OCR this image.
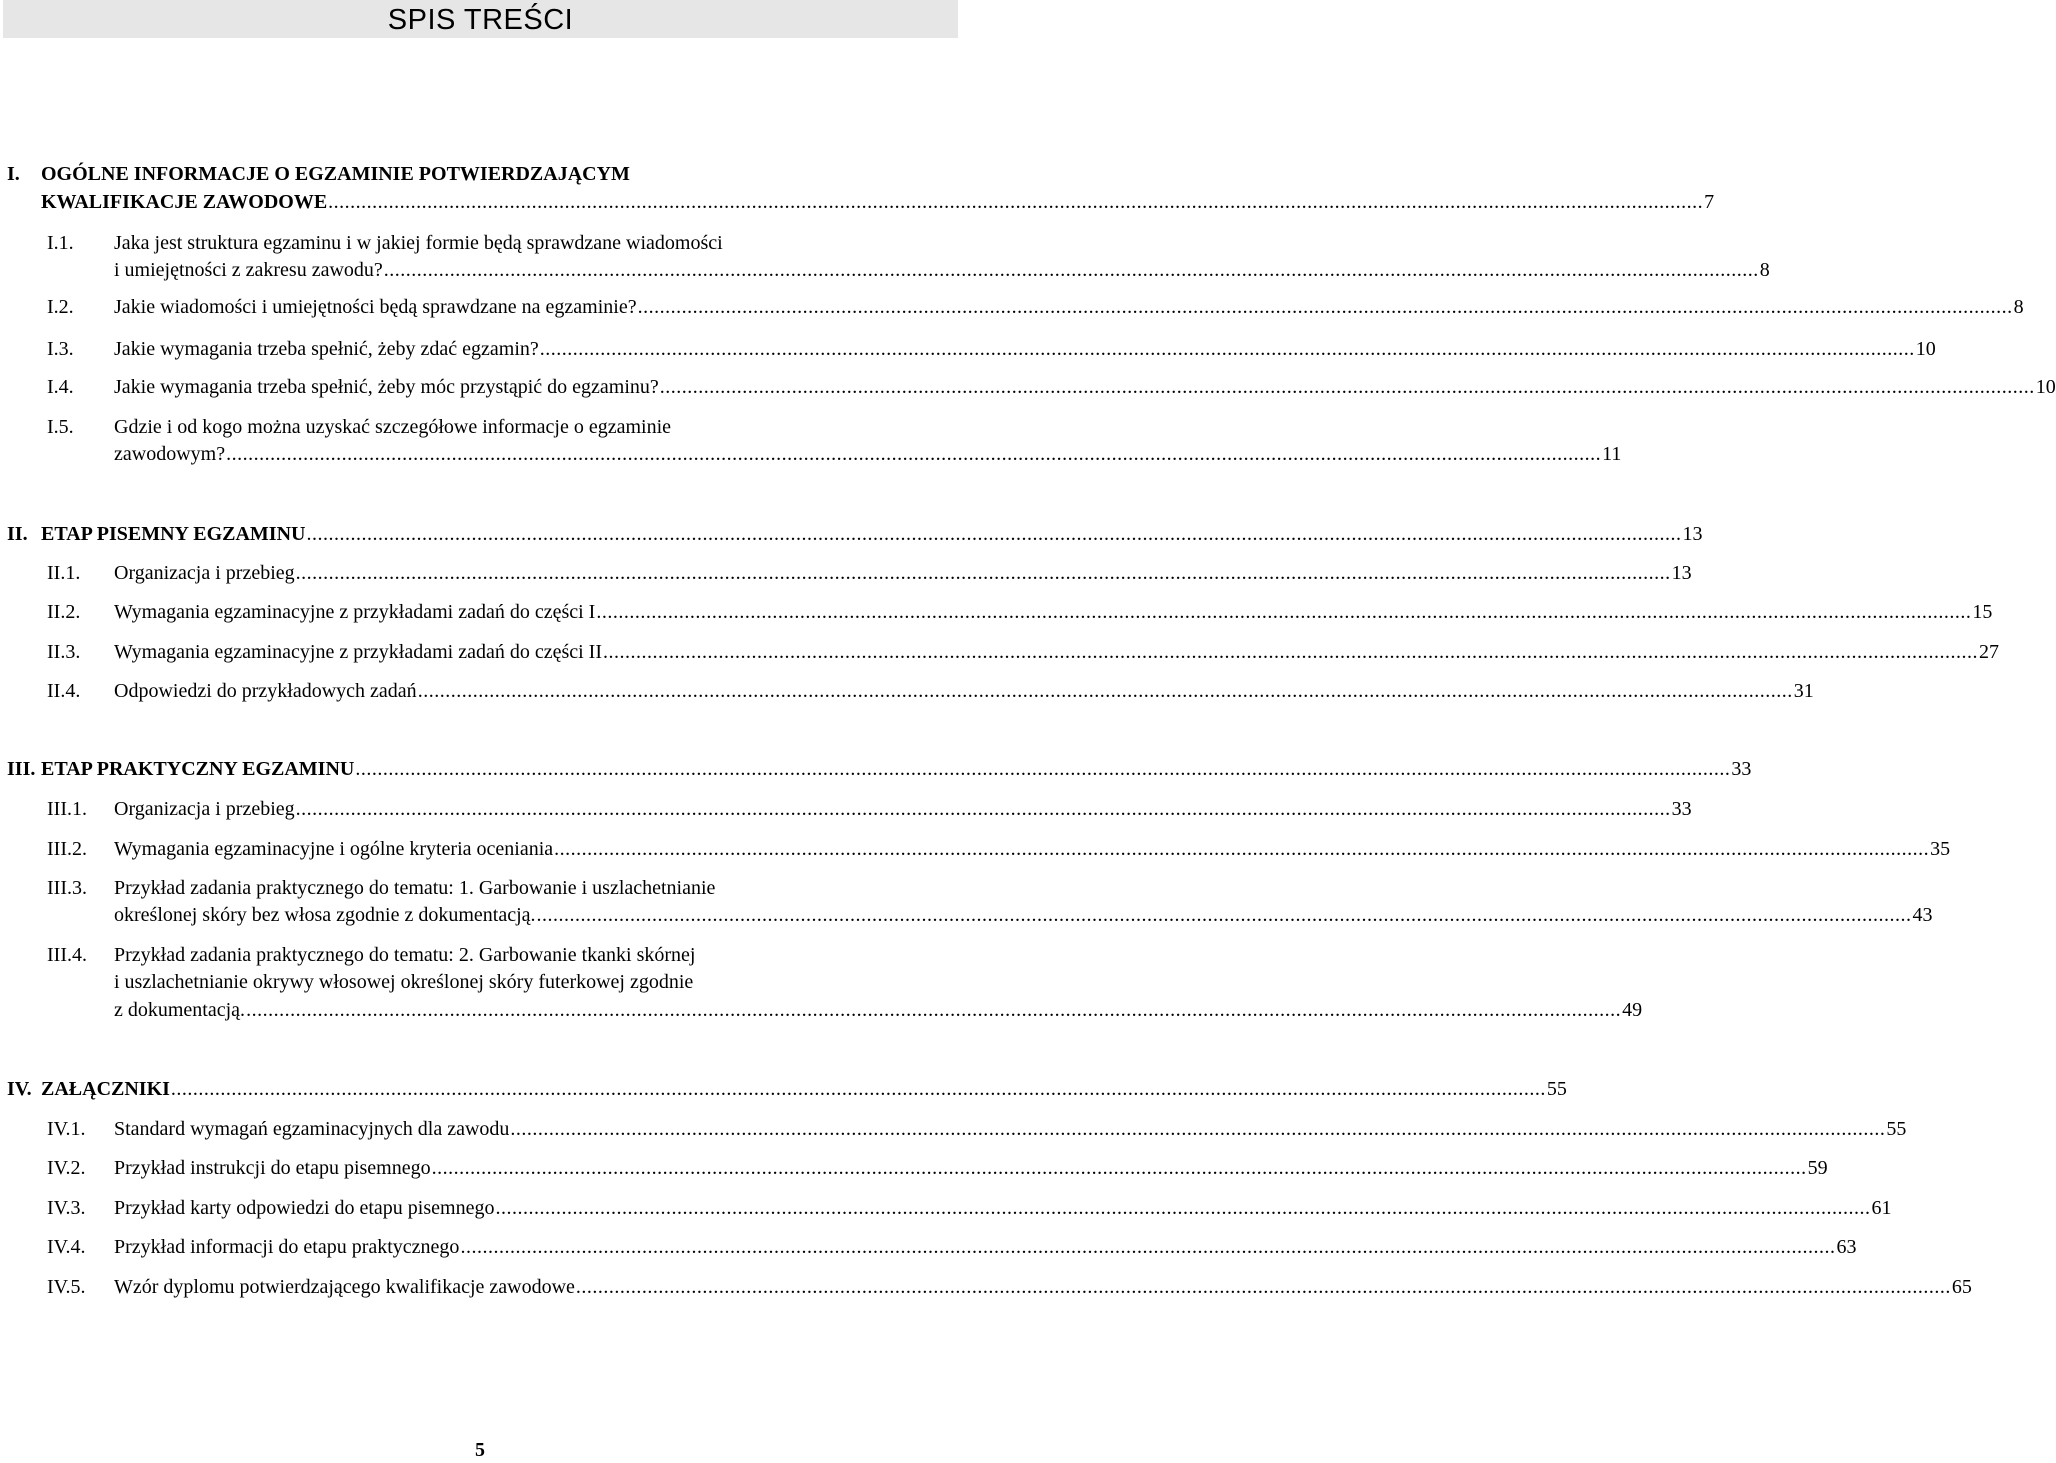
SPIS TREŚCI
I. OGÓLNE INFORMACJE O EGZAMINIE POTWIERDZAJĄCYM
KWALIFIKACJE ZAWODOWE .......................................................................................................................................................................................................................................................... 7
I.1. Jaka jest struktura egzaminu i w jakiej formie będą sprawdzane wiadomości
i umiejętności z zakresu zawodu? .......................................................................................................................................................................................................................................................... 8
I.2. Jakie wiadomości i umiejętności będą sprawdzane na egzaminie? .......................................................................................................................................................................................................................................................... 8
I.3. Jakie wymagania trzeba spełnić, żeby zdać egzamin? .......................................................................................................................................................................................................................................................... 10
I.4. Jakie wymagania trzeba spełnić, żeby móc przystąpić do egzaminu? .......................................................................................................................................................................................................................................................... 10
I.5. Gdzie i od kogo można uzyskać szczegółowe informacje o egzaminie
zawodowym? .......................................................................................................................................................................................................................................................... 11
II. ETAP PISEMNY EGZAMINU .......................................................................................................................................................................................................................................................... 13
II.1. Organizacja i przebieg .......................................................................................................................................................................................................................................................... 13
II.2. Wymagania egzaminacyjne z przykładami zadań do części I .......................................................................................................................................................................................................................................................... 15
II.3. Wymagania egzaminacyjne z przykładami zadań do części II .......................................................................................................................................................................................................................................................... 27
II.4. Odpowiedzi do przykładowych zadań .......................................................................................................................................................................................................................................................... 31
III. ETAP PRAKTYCZNY EGZAMINU .......................................................................................................................................................................................................................................................... 33
III.1. Organizacja i przebieg .......................................................................................................................................................................................................................................................... 33
III.2. Wymagania egzaminacyjne i ogólne kryteria oceniania .......................................................................................................................................................................................................................................................... 35
III.3. Przykład zadania praktycznego do tematu: 1. Garbowanie i uszlachetnianie
określonej skóry bez włosa zgodnie z dokumentacją. .......................................................................................................................................................................................................................................................... 43
III.4. Przykład zadania praktycznego do tematu: 2. Garbowanie tkanki skórnej
i uszlachetnianie okrywy włosowej określonej skóry futerkowej zgodnie
z dokumentacją. .......................................................................................................................................................................................................................................................... 49
IV. ZAŁĄCZNIKI .......................................................................................................................................................................................................................................................... 55
IV.1. Standard wymagań egzaminacyjnych dla zawodu .......................................................................................................................................................................................................................................................... 55
IV.2. Przykład instrukcji do etapu pisemnego .......................................................................................................................................................................................................................................................... 59
IV.3. Przykład karty odpowiedzi do etapu pisemnego .......................................................................................................................................................................................................................................................... 61
IV.4. Przykład informacji do etapu praktycznego .......................................................................................................................................................................................................................................................... 63
IV.5. Wzór dyplomu potwierdzającego kwalifikacje zawodowe .......................................................................................................................................................................................................................................................... 65
5
